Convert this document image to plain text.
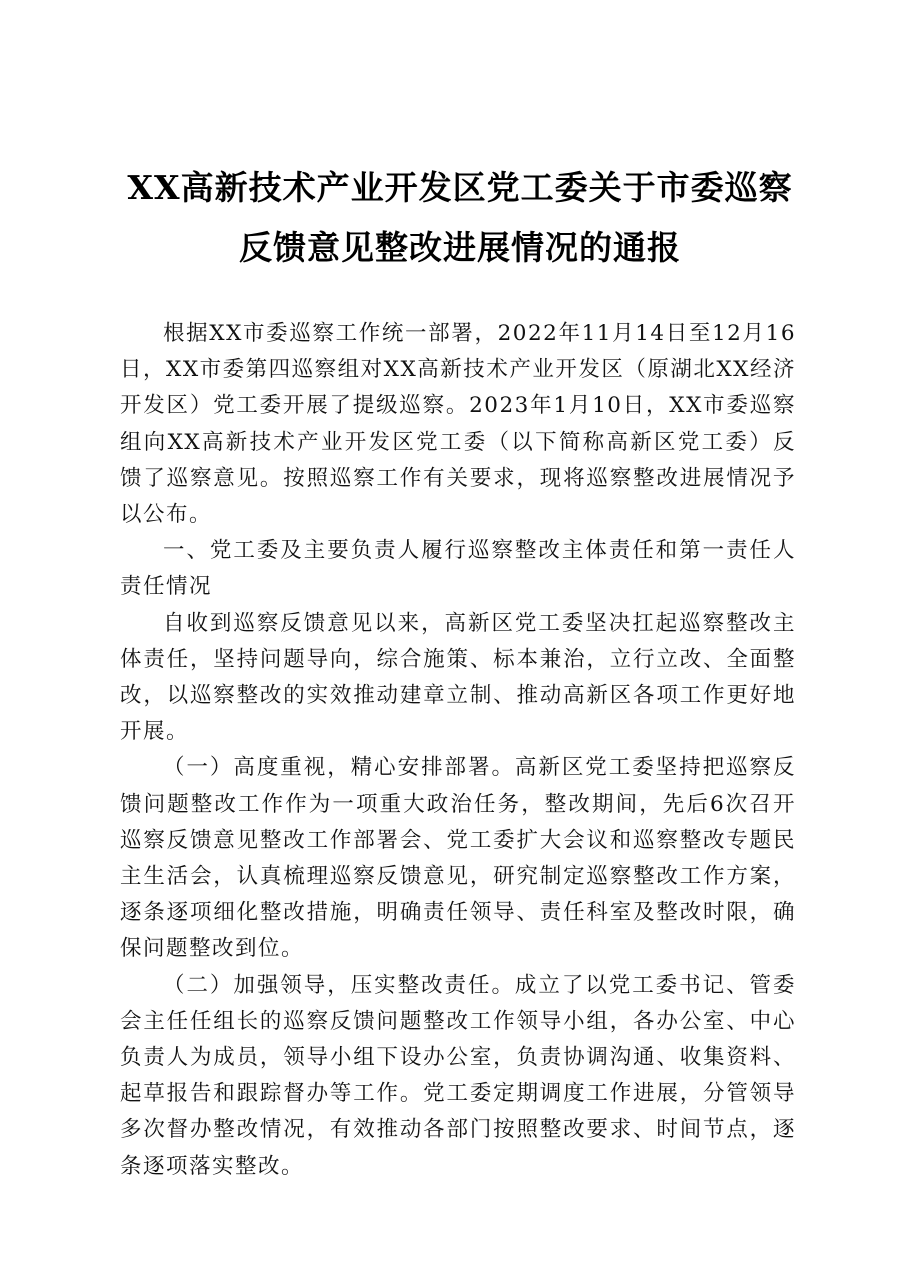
XX高新技术产业开发区党工委关于市委巡察
反馈意见整改进展情况的通报

根据XX市委巡察工作统一部署，2022年11月14日至12月16日，XX市委第四巡察组对XX高新技术产业开发区（原湖北XX经济开发区）党工委开展了提级巡察。2023年1月10日，XX市委巡察组向XX高新技术产业开发区党工委（以下简称高新区党工委）反馈了巡察意见。按照巡察工作有关要求，现将巡察整改进展情况予以公布。

一、党工委及主要负责人履行巡察整改主体责任和第一责任人责任情况

自收到巡察反馈意见以来，高新区党工委坚决扛起巡察整改主体责任，坚持问题导向，综合施策、标本兼治，立行立改、全面整改，以巡察整改的实效推动建章立制、推动高新区各项工作更好地开展。

（一）高度重视，精心安排部署。高新区党工委坚持把巡察反馈问题整改工作作为一项重大政治任务，整改期间，先后6次召开巡察反馈意见整改工作部署会、党工委扩大会议和巡察整改专题民主生活会，认真梳理巡察反馈意见，研究制定巡察整改工作方案，逐条逐项细化整改措施，明确责任领导、责任科室及整改时限，确保问题整改到位。

（二）加强领导，压实整改责任。成立了以党工委书记、管委会主任任组长的巡察反馈问题整改工作领导小组，各办公室、中心负责人为成员，领导小组下设办公室，负责协调沟通、收集资料、起草报告和跟踪督办等工作。党工委定期调度工作进展，分管领导多次督办整改情况，有效推动各部门按照整改要求、时间节点，逐条逐项落实整改。
